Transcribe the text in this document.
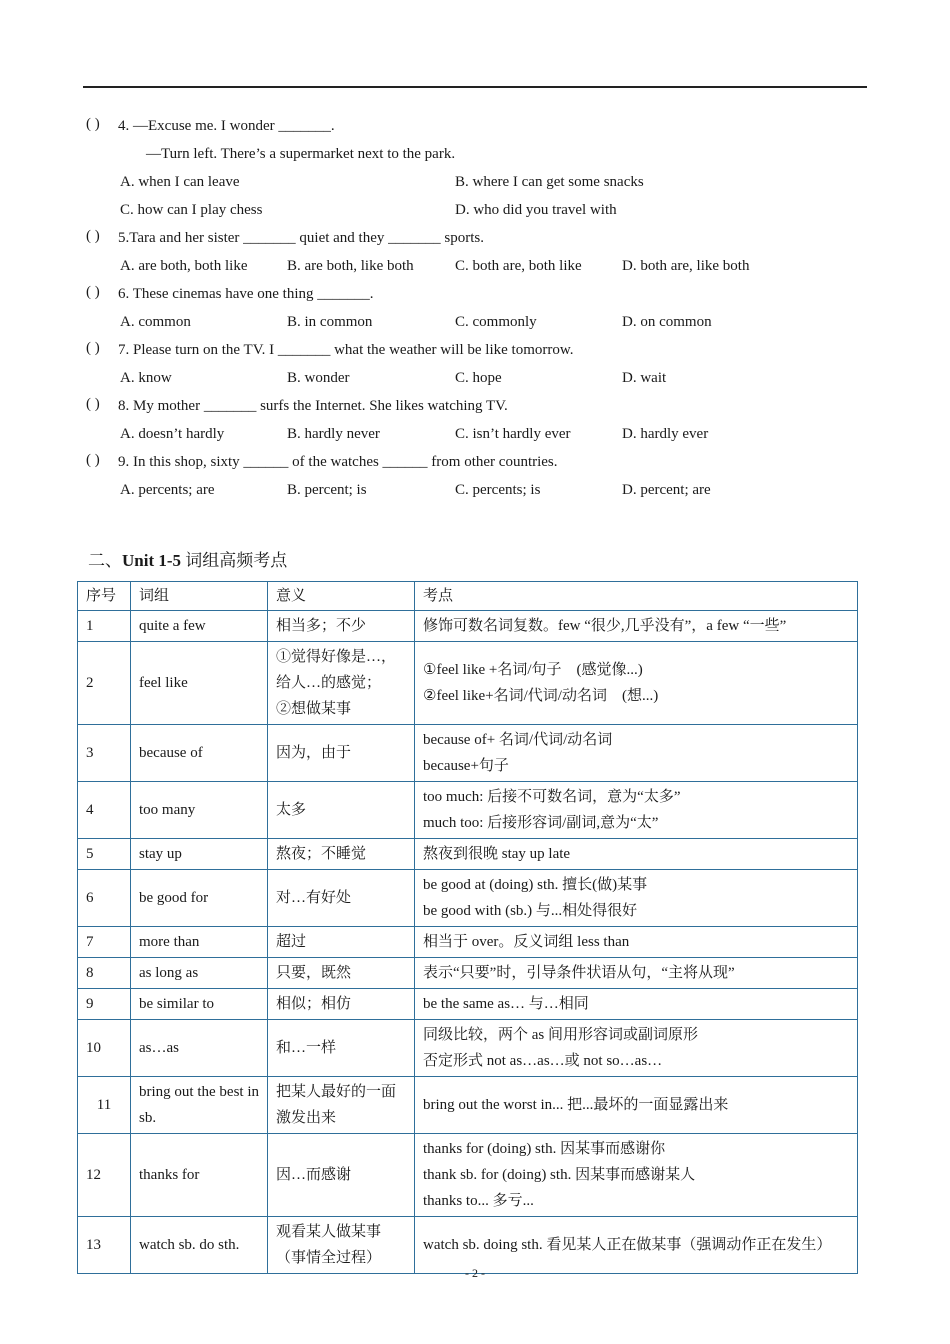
( ) 4. —Excuse me. I wonder _______.
—Turn left. There’s a supermarket next to the park.
A. when I can leave	B. where I can get some snacks
C. how can I play chess	D. who did you travel with
( ) 5.Tara and her sister _______ quiet and they _______ sports.
A. are both, both like	B. are both, like both	C. both are, both like	D. both are, like both
( ) 6. These cinemas have one thing _______.
A. common	B. in common	C. commonly	D. on common
( ) 7. Please turn on the TV. I _______ what the weather will be like tomorrow.
A. know	B. wonder	C. hope	D. wait
( ) 8. My mother _______ surfs the Internet. She likes watching TV.
A. doesn’t hardly	B. hardly never	C. isn’t hardly ever	D. hardly ever
( ) 9. In this shop, sixty ______ of the watches ______ from other countries.
A. percents; are	B. percent; is	C. percents; is	D. percent; are
二、Unit 1-5 词组高频考点
序号	词组	意义	考点
1	quite a few	相当多；不少	修饰可数名词复数。few “很少,几乎没有”，a few “一些”

2	feel like	①觉得好像是…，
给人…的感觉；
②想做某事	①feel like +名词/句子　(感觉像...)
②feel like+名词/代词/动名词　(想...)

3	because of	因为，由于	because of+ 名词/代词/动名词
because+句子

4	too many	太多	too much: 后接不可数名词，意为“太多”
much too: 后接形容词/副词,意为“太”

5	stay up	熬夜；不睡觉	熬夜到很晚 stay up late

6	be good for	对…有好处	be good at (doing) sth. 擅长(做)某事
be good with (sb.) 与...相处得很好

7	more than	超过	相当于 over。反义词组 less than

8	as long as	只要，既然	表示“只要”时，引导条件状语从句，“主将从现”

9	be similar to	相似；相仿	be the same as… 与…相同

10	as…as	和…一样	同级比较，两个 as 间用形容词或副词原形
否定形式 not as…as…或 not so…as…

11	bring out the best in sb.	把某人最好的一面激发出来	bring out the worst in... 把...最坏的一面显露出来

12	thanks for	因…而感谢	thanks for (doing) sth. 因某事而感谢你
thank sb. for (doing) sth. 因某事而感谢某人
thanks to... 多亏...

13	watch sb. do sth.	观看某人做某事（事情全过程）	watch sb. doing sth. 看见某人正在做某事（强调动作正在发生）
- 2 -
